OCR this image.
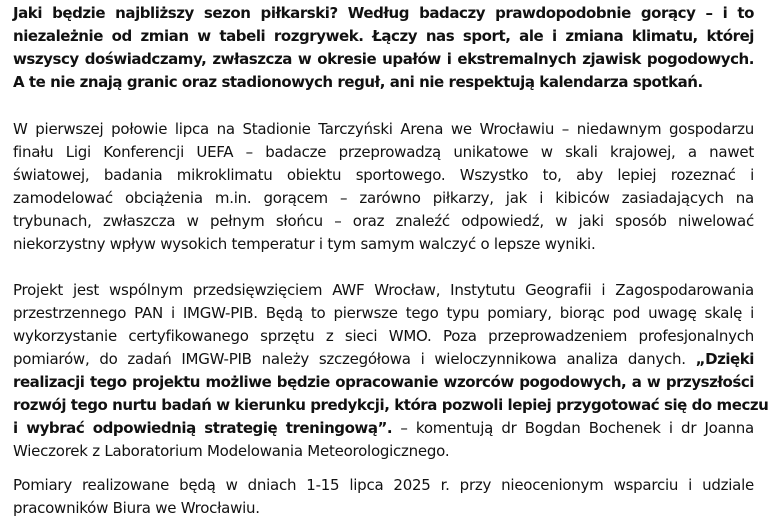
Jaki będzie najbliższy sezon piłkarski? Według badaczy prawdopodobnie gorący – i to
niezależnie od zmian w tabeli rozgrywek. Łączy nas sport, ale i zmiana klimatu, której
wszyscy doświadczamy, zwłaszcza w okresie upałów i ekstremalnych zjawisk pogodowych.
A te nie znają granic oraz stadionowych reguł, ani nie respektują kalendarza spotkań.
W pierwszej połowie lipca na Stadionie Tarczyński Arena we Wrocławiu – niedawnym gospodarzu
finału Ligi Konferencji UEFA – badacze przeprowadzą unikatowe w skali krajowej, a nawet
światowej, badania mikroklimatu obiektu sportowego. Wszystko to, aby lepiej rozeznać i
zamodelować obciążenia m.in. gorącem – zarówno piłkarzy, jak i kibiców zasiadających na
trybunach, zwłaszcza w pełnym słońcu – oraz znaleźć odpowiedź, w jaki sposób niwelować
niekorzystny wpływ wysokich temperatur i tym samym walczyć o lepsze wyniki.
Projekt jest wspólnym przedsięwzięciem AWF Wrocław, Instytutu Geografii i Zagospodarowania
przestrzennego PAN i IMGW-PIB. Będą to pierwsze tego typu pomiary, biorąc pod uwagę skalę i
wykorzystanie certyfikowanego sprzętu z sieci WMO. Poza przeprowadzeniem profesjonalnych
pomiarów, do zadań IMGW-PIB należy szczegółowa i wieloczynnikowa analiza danych. „Dzięki
realizacji tego projektu możliwe będzie opracowanie wzorców pogodowych, a w przyszłości
rozwój tego nurtu badań w kierunku predykcji, która pozwoli lepiej przygotować się do meczu
i wybrać odpowiednią strategię treningową”. – komentują dr Bogdan Bochenek i dr Joanna
Wieczorek z Laboratorium Modelowania Meteorologicznego.
Pomiary realizowane będą w dniach 1-15 lipca 2025 r. przy nieocenionym wsparciu i udziale
pracowników Biura we Wrocławiu.
